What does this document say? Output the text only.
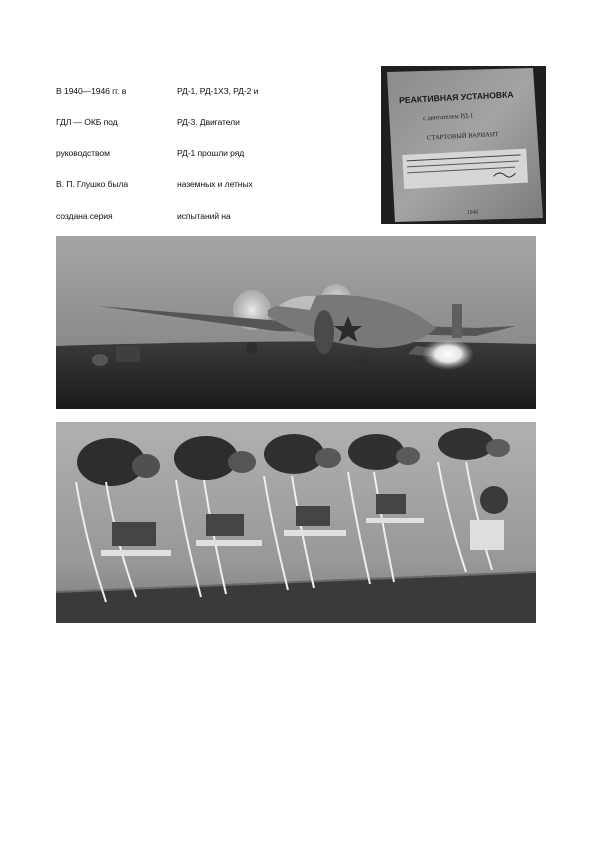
В 1940—1946 гг. в

ГДЛ — ОКБ под

руководством

В. П. Глушко была

создана серия

РД-1, РД-1ХЗ, РД-2 и

РД-3. Двигатели

РД-1 прошли ряд

наземных и летных

испытаний на

РЕАКТИВНАЯ УСТАНОВКА
с двигателем РД-1
СТАРТОВЫЙ ВАРИАНТ
1946
